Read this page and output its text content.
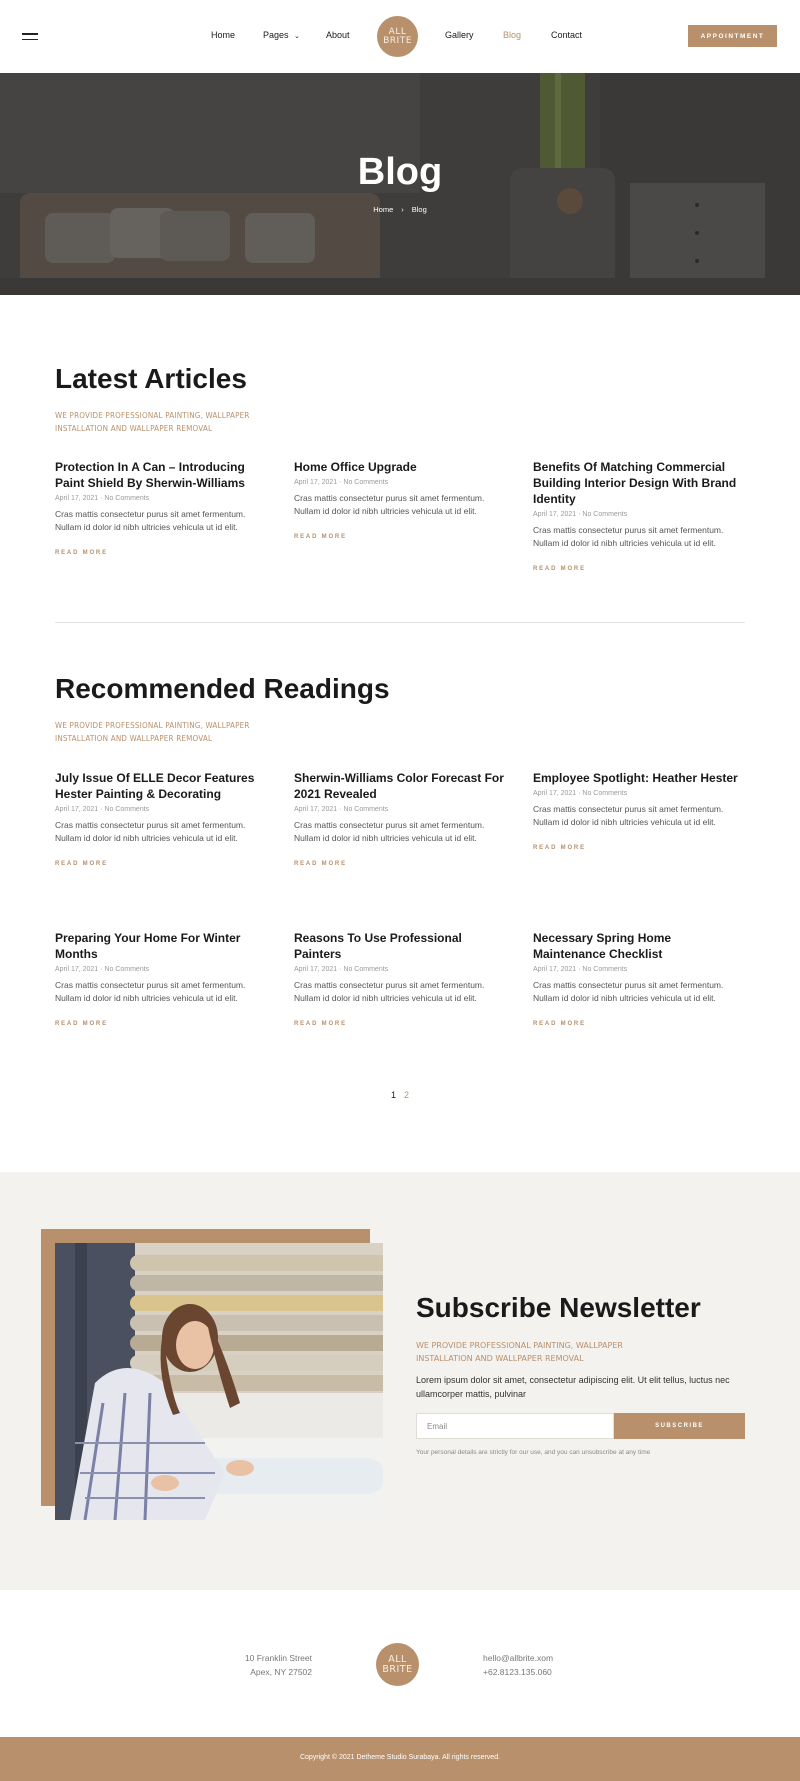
Home	Pages ⌄	About	ALL
BRITE
Gallery	Blog	Contact	APPOINTMENT
Blog
Home › Blog
Latest Articles
WE PROVIDE PROFESSIONAL PAINTING, WALLPAPER
INSTALLATION AND WALLPAPER REMOVAL
Protection In A Can – Introducing Paint Shield By Sherwin-Williams
April 17, 2021 · No Comments
Cras mattis consectetur purus sit amet fermentum. Nullam id dolor id nibh ultricies vehicula ut id elit.
READ MORE
Home Office Upgrade
April 17, 2021 · No Comments
Cras mattis consectetur purus sit amet fermentum. Nullam id dolor id nibh ultricies vehicula ut id elit.
READ MORE
Benefits Of Matching Commercial Building Interior Design With Brand Identity
April 17, 2021 · No Comments
Cras mattis consectetur purus sit amet fermentum. Nullam id dolor id nibh ultricies vehicula ut id elit.
READ MORE
Recommended Readings
WE PROVIDE PROFESSIONAL PAINTING, WALLPAPER
INSTALLATION AND WALLPAPER REMOVAL
July Issue Of ELLE Decor Features Hester Painting & Decorating
April 17, 2021 · No Comments
Cras mattis consectetur purus sit amet fermentum. Nullam id dolor id nibh ultricies vehicula ut id elit.
READ MORE
Sherwin-Williams Color Forecast For 2021 Revealed
April 17, 2021 · No Comments
Cras mattis consectetur purus sit amet fermentum. Nullam id dolor id nibh ultricies vehicula ut id elit.
READ MORE
Employee Spotlight: Heather Hester
April 17, 2021 · No Comments
Cras mattis consectetur purus sit amet fermentum. Nullam id dolor id nibh ultricies vehicula ut id elit.
READ MORE
Preparing Your Home For Winter Months
April 17, 2021 · No Comments
Cras mattis consectetur purus sit amet fermentum. Nullam id dolor id nibh ultricies vehicula ut id elit.
READ MORE
Reasons To Use Professional Painters
April 17, 2021 · No Comments
Cras mattis consectetur purus sit amet fermentum. Nullam id dolor id nibh ultricies vehicula ut id elit.
READ MORE
Necessary Spring Home Maintenance Checklist
April 17, 2021 · No Comments
Cras mattis consectetur purus sit amet fermentum. Nullam id dolor id nibh ultricies vehicula ut id elit.
READ MORE
1 2
Subscribe Newsletter
WE PROVIDE PROFESSIONAL PAINTING, WALLPAPER
INSTALLATION AND WALLPAPER REMOVAL
Lorem ipsum dolor sit amet, consectetur adipiscing elit. Ut elit tellus, luctus nec ullamcorper mattis, pulvinar
Email
SUBSCRIBE
Your personal details are strictly for our use, and you can unsubscribe at any time
10 Franklin Street
Apex, NY 27502
ALL
BRITE
hello@allbrite.xom
+62.8123.135.060
Copyright © 2021 Detheme Studio Surabaya. All rights reserved.
